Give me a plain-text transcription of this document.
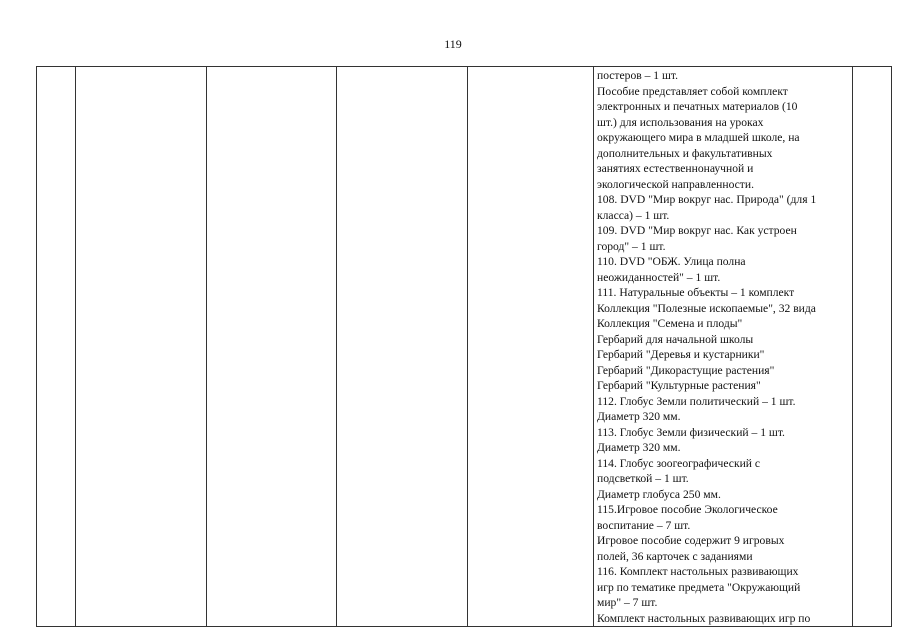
119

постеров – 1 шт.
Пособие представляет собой комплект
электронных и печатных материалов (10
шт.) для использования на уроках
окружающего мира в младшей школе, на
дополнительных и факультативных
занятиях естественнонаучной и
экологической направленности.
108. DVD "Мир вокруг нас. Природа" (для 1
класса) – 1 шт.
109. DVD "Мир вокруг нас. Как устроен
город" – 1 шт.
110. DVD "ОБЖ. Улица полна
неожиданностей" – 1 шт.
111. Натуральные объекты – 1 комплект
Коллекция "Полезные ископаемые", 32 вида
Коллекция "Семена и плоды"
Гербарий для начальной школы
Гербарий "Деревья и кустарники"
Гербарий "Дикорастущие растения"
Гербарий "Культурные растения"
112. Глобус Земли политический – 1 шт.
Диаметр 320 мм.
113. Глобус Земли физический – 1 шт.
Диаметр 320 мм.
114. Глобус зоогеографический с
подсветкой – 1 шт.
Диаметр глобуса 250 мм.
115.Игровое пособие Экологическое
воспитание – 7 шт.
Игровое пособие содержит 9 игровых
полей, 36 карточек с заданиями
116. Комплект настольных развивающих
игр по тематике предмета "Окружающий
мир" – 7 шт.
Комплект настольных развивающих игр по
